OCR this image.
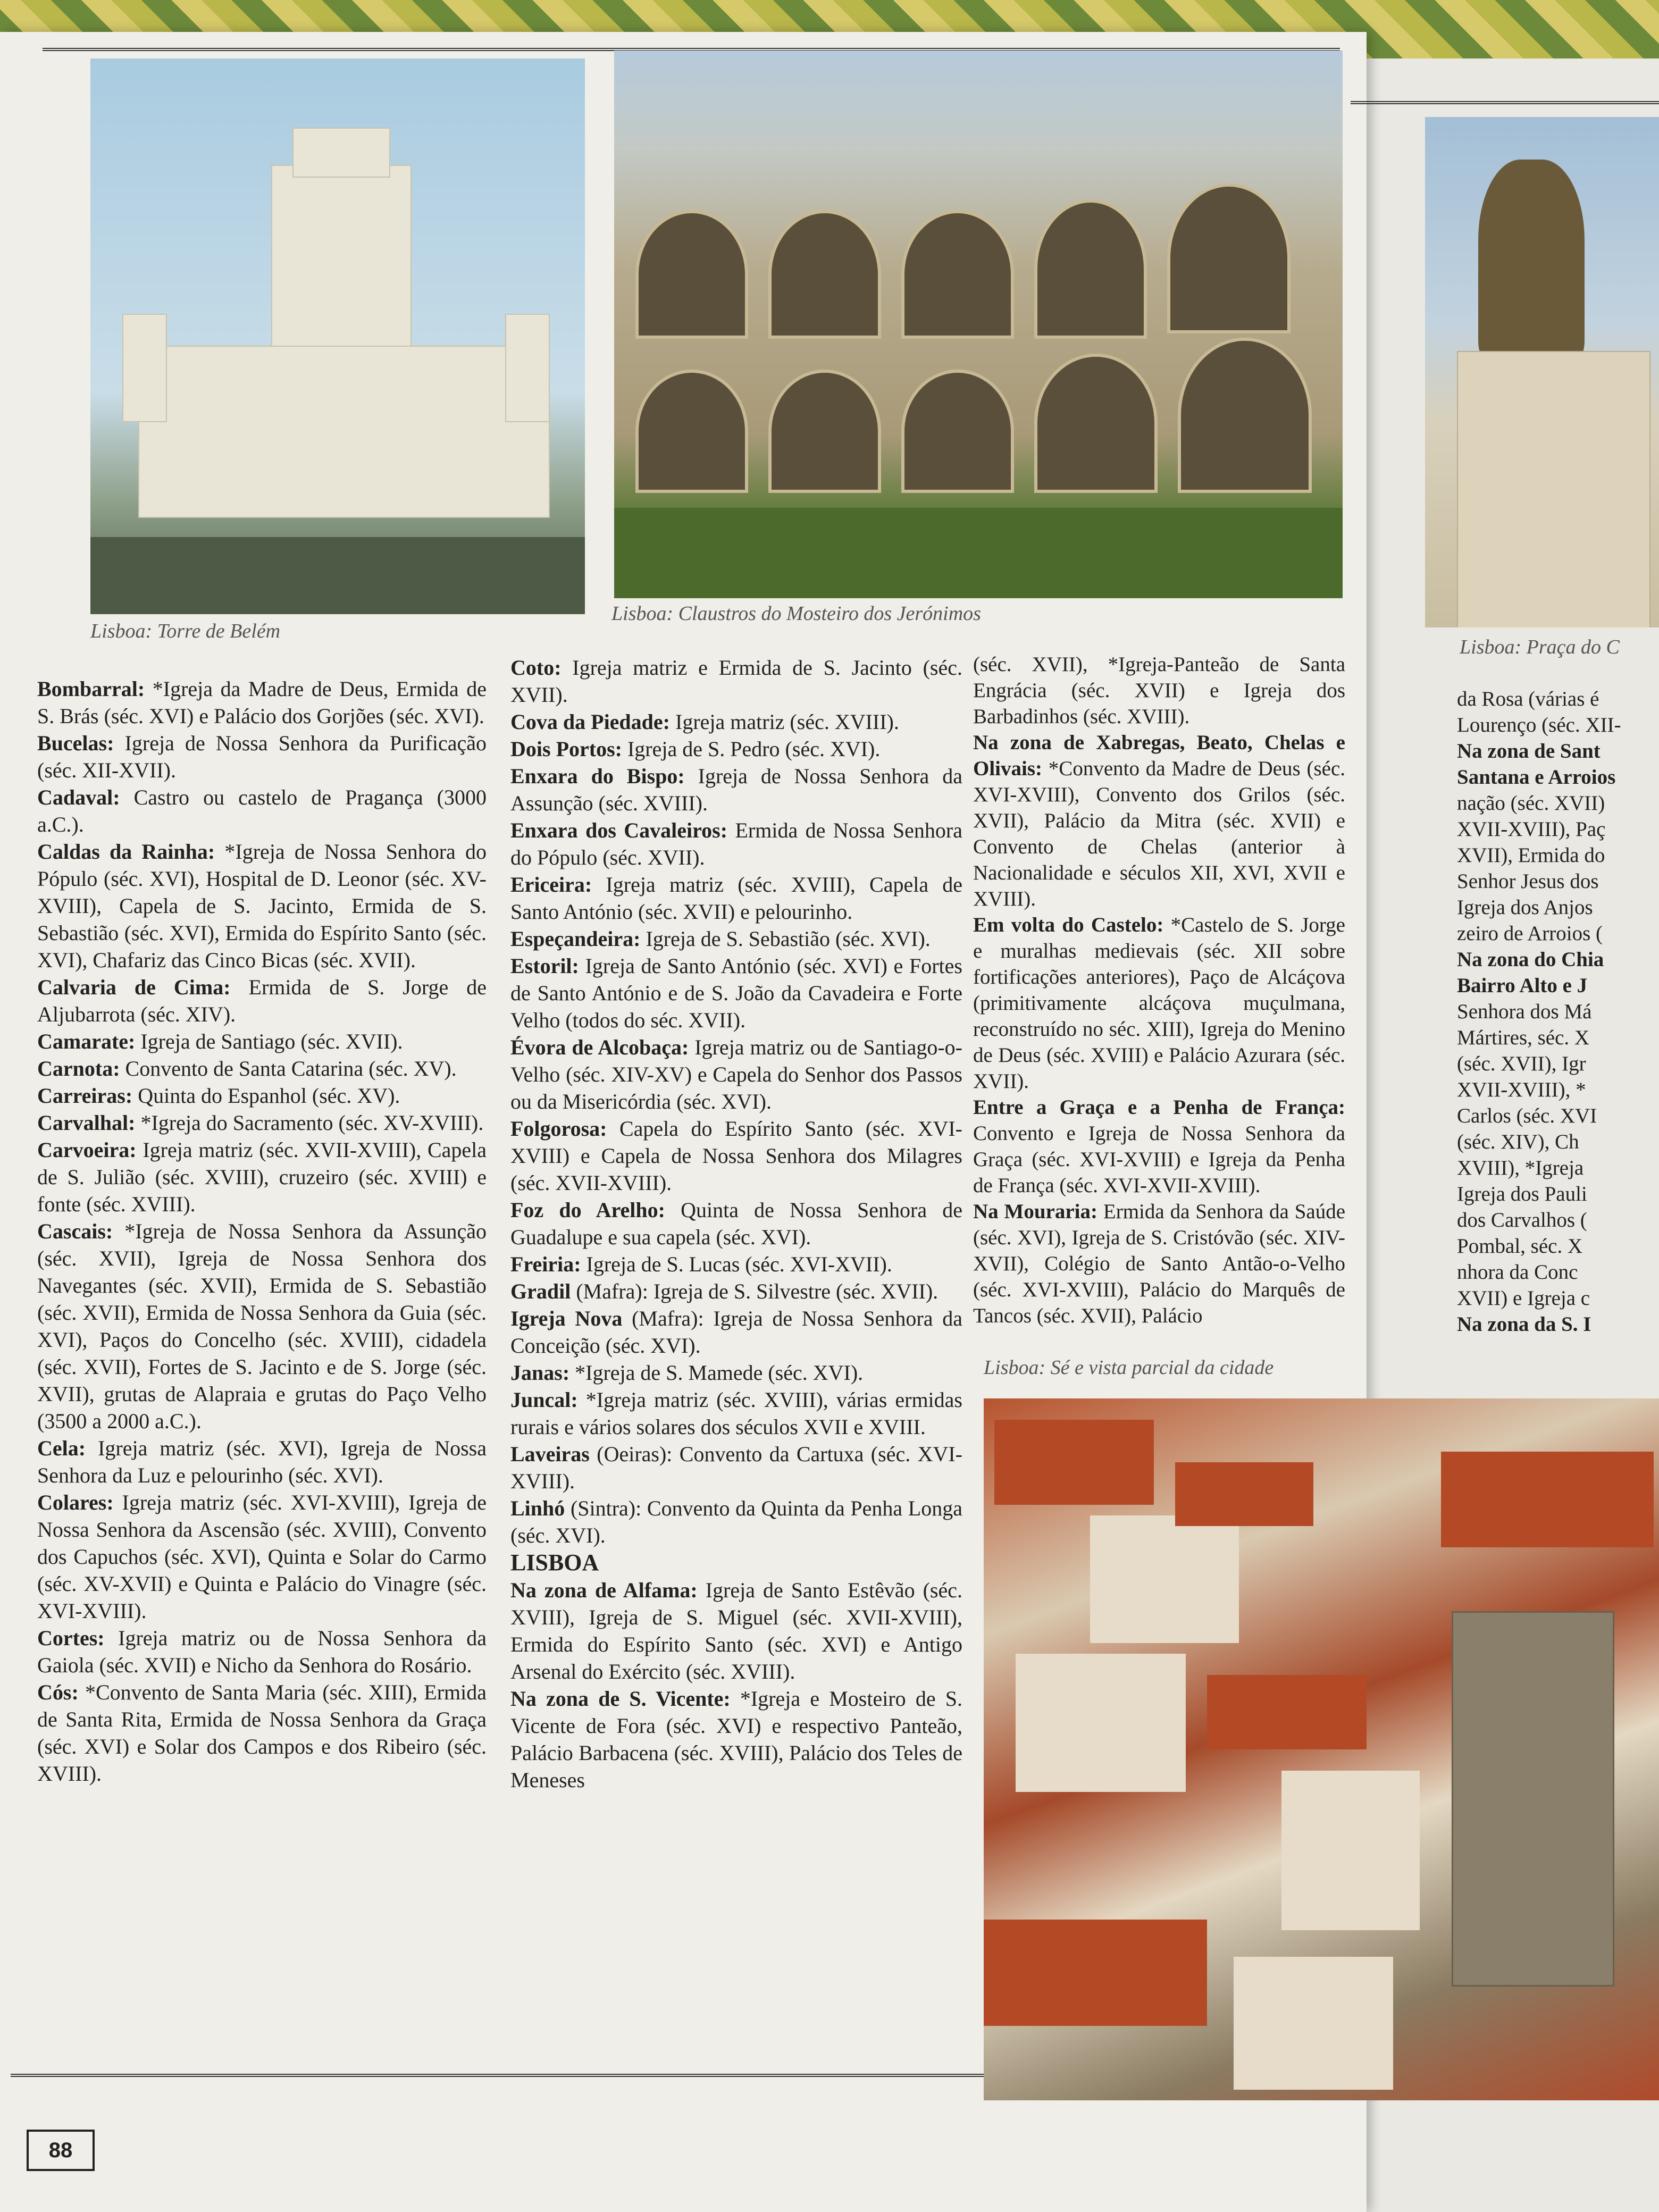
Lisboa: Torre de Belém
Lisboa: Claustros do Mosteiro dos Jerónimos
Lisboa: Praça do C
Lisboa: Sé e vista parcial da cidade

Bombarral: *Igreja da Madre de Deus, Ermida de S. Brás (séc. XVI) e Palácio dos Gorjões (séc. XVI).

Bucelas: Igreja de Nossa Senhora da Purificação (séc. XII-XVII).

Cadaval: Castro ou castelo de Pragança (3000 a.C.).

Caldas da Rainha: *Igreja de Nossa Senhora do Pópulo (séc. XVI), Hospital de D. Leonor (séc. XV-XVIII), Capela de S. Jacinto, Ermida de S. Sebastião (séc. XVI), Ermida do Espírito Santo (séc. XVI), Chafariz das Cinco Bicas (séc. XVII).

Calvaria de Cima: Ermida de S. Jorge de Aljubarrota (séc. XIV).

Camarate: Igreja de Santiago (séc. XVII).

Carnota: Convento de Santa Catarina (séc. XV).

Carreiras: Quinta do Espanhol (séc. XV).

Carvalhal: *Igreja do Sacramento (séc. XV-XVIII).

Carvoeira: Igreja matriz (séc. XVII-XVIII), Capela de S. Julião (séc. XVIII), cruzeiro (séc. XVIII) e fonte (séc. XVIII).

Cascais: *Igreja de Nossa Senhora da Assunção (séc. XVII), Igreja de Nossa Senhora dos Navegantes (séc. XVII), Ermida de S. Sebastião (séc. XVII), Ermida de Nossa Senhora da Guia (séc. XVI), Paços do Concelho (séc. XVIII), cidadela (séc. XVII), Fortes de S. Jacinto e de S. Jorge (séc. XVII), grutas de Alapraia e grutas do Paço Velho (3500 a 2000 a.C.).

Cela: Igreja matriz (séc. XVI), Igreja de Nossa Senhora da Luz e pelourinho (séc. XVI).

Colares: Igreja matriz (séc. XVI-XVIII), Igreja de Nossa Senhora da Ascensão (séc. XVIII), Convento dos Capuchos (séc. XVI), Quinta e Solar do Carmo (séc. XV-XVII) e Quinta e Palácio do Vinagre (séc. XVI-XVIII).

Cortes: Igreja matriz ou de Nossa Senhora da Gaiola (séc. XVII) e Nicho da Senhora do Rosário.

Cós: *Convento de Santa Maria (séc. XIII), Ermida de Santa Rita, Ermida de Nossa Senhora da Graça (séc. XVI) e Solar dos Campos e dos Ribeiro (séc. XVIII).

Coto: Igreja matriz e Ermida de S. Jacinto (séc. XVII).

Cova da Piedade: Igreja matriz (séc. XVIII).

Dois Portos: Igreja de S. Pedro (séc. XVI).

Enxara do Bispo: Igreja de Nossa Senhora da Assunção (séc. XVIII).

Enxara dos Cavaleiros: Ermida de Nossa Senhora do Pópulo (séc. XVII).

Ericeira: Igreja matriz (séc. XVIII), Capela de Santo António (séc. XVII) e pelourinho.

Espeçandeira: Igreja de S. Sebastião (séc. XVI).

Estoril: Igreja de Santo António (séc. XVI) e Fortes de Santo António e de S. João da Cavadeira e Forte Velho (todos do séc. XVII).

Évora de Alcobaça: Igreja matriz ou de Santiago-o-Velho (séc. XIV-XV) e Capela do Senhor dos Passos ou da Misericórdia (séc. XVI).

Folgorosa: Capela do Espírito Santo (séc. XVI-XVIII) e Capela de Nossa Senhora dos Milagres (séc. XVII-XVIII).

Foz do Arelho: Quinta de Nossa Senhora de Guadalupe e sua capela (séc. XVI).

Freiria: Igreja de S. Lucas (séc. XVI-XVII).

Gradil (Mafra): Igreja de S. Silvestre (séc. XVII).

Igreja Nova (Mafra): Igreja de Nossa Senhora da Conceição (séc. XVI).

Janas: *Igreja de S. Mamede (séc. XVI).

Juncal: *Igreja matriz (séc. XVIII), várias ermidas rurais e vários solares dos séculos XVII e XVIII.

Laveiras (Oeiras): Convento da Cartuxa (séc. XVI-XVIII).

Linhó (Sintra): Convento da Quinta da Penha Longa (séc. XVI).

LISBOA

Na zona de Alfama: Igreja de Santo Estêvão (séc. XVIII), Igreja de S. Miguel (séc. XVII-XVIII), Ermida do Espírito Santo (séc. XVI) e Antigo Arsenal do Exército (séc. XVIII).

Na zona de S. Vicente: *Igreja e Mosteiro de S. Vicente de Fora (séc. XVI) e respectivo Panteão, Palácio Barbacena (séc. XVIII), Palácio dos Teles de Meneses

(séc. XVII), *Igreja-Panteão de Santa Engrácia (séc. XVII) e Igreja dos Barbadinhos (séc. XVIII).

Na zona de Xabregas, Beato, Chelas e Olivais: *Convento da Madre de Deus (séc. XVI-XVIII), Convento dos Grilos (séc. XVII), Palácio da Mitra (séc. XVII) e Convento de Chelas (anterior à Nacionalidade e séculos XII, XVI, XVII e XVIII).

Em volta do Castelo: *Castelo de S. Jorge e muralhas medievais (séc. XII sobre fortificações anteriores), Paço de Alcáçova (primitivamente alcáçova muçulmana, reconstruído no séc. XIII), Igreja do Menino de Deus (séc. XVIII) e Palácio Azurara (séc. XVII).

Entre a Graça e a Penha de França: Convento e Igreja de Nossa Senhora da Graça (séc. XVI-XVIII) e Igreja da Penha de França (séc. XVI-XVII-XVIII).

Na Mouraria: Ermida da Senhora da Saúde (séc. XVI), Igreja de S. Cristóvão (séc. XIV-XVII), Colégio de Santo Antão-o-Velho (séc. XVI-XVIII), Palácio do Marquês de Tancos (séc. XVII), Palácio

da Rosa (várias é
Lourenço (séc. XII-
Na zona de Sant
Santana e Arroios
nação (séc. XVII)
XVII-XVIII), Paç
XVII), Ermida do
Senhor Jesus dos
Igreja dos Anjos
zeiro de Arroios (
Na zona do Chia
Bairro Alto e J
Senhora dos Má
Mártires, séc. X
(séc. XVII), Igr
XVII-XVIII), *
Carlos (séc. XVI
(séc. XIV), Ch
XVIII), *Igreja
Igreja dos Pauli
dos Carvalhos (
Pombal, séc. X
nhora da Conc
XVII) e Igreja c
Na zona da S. I
88
